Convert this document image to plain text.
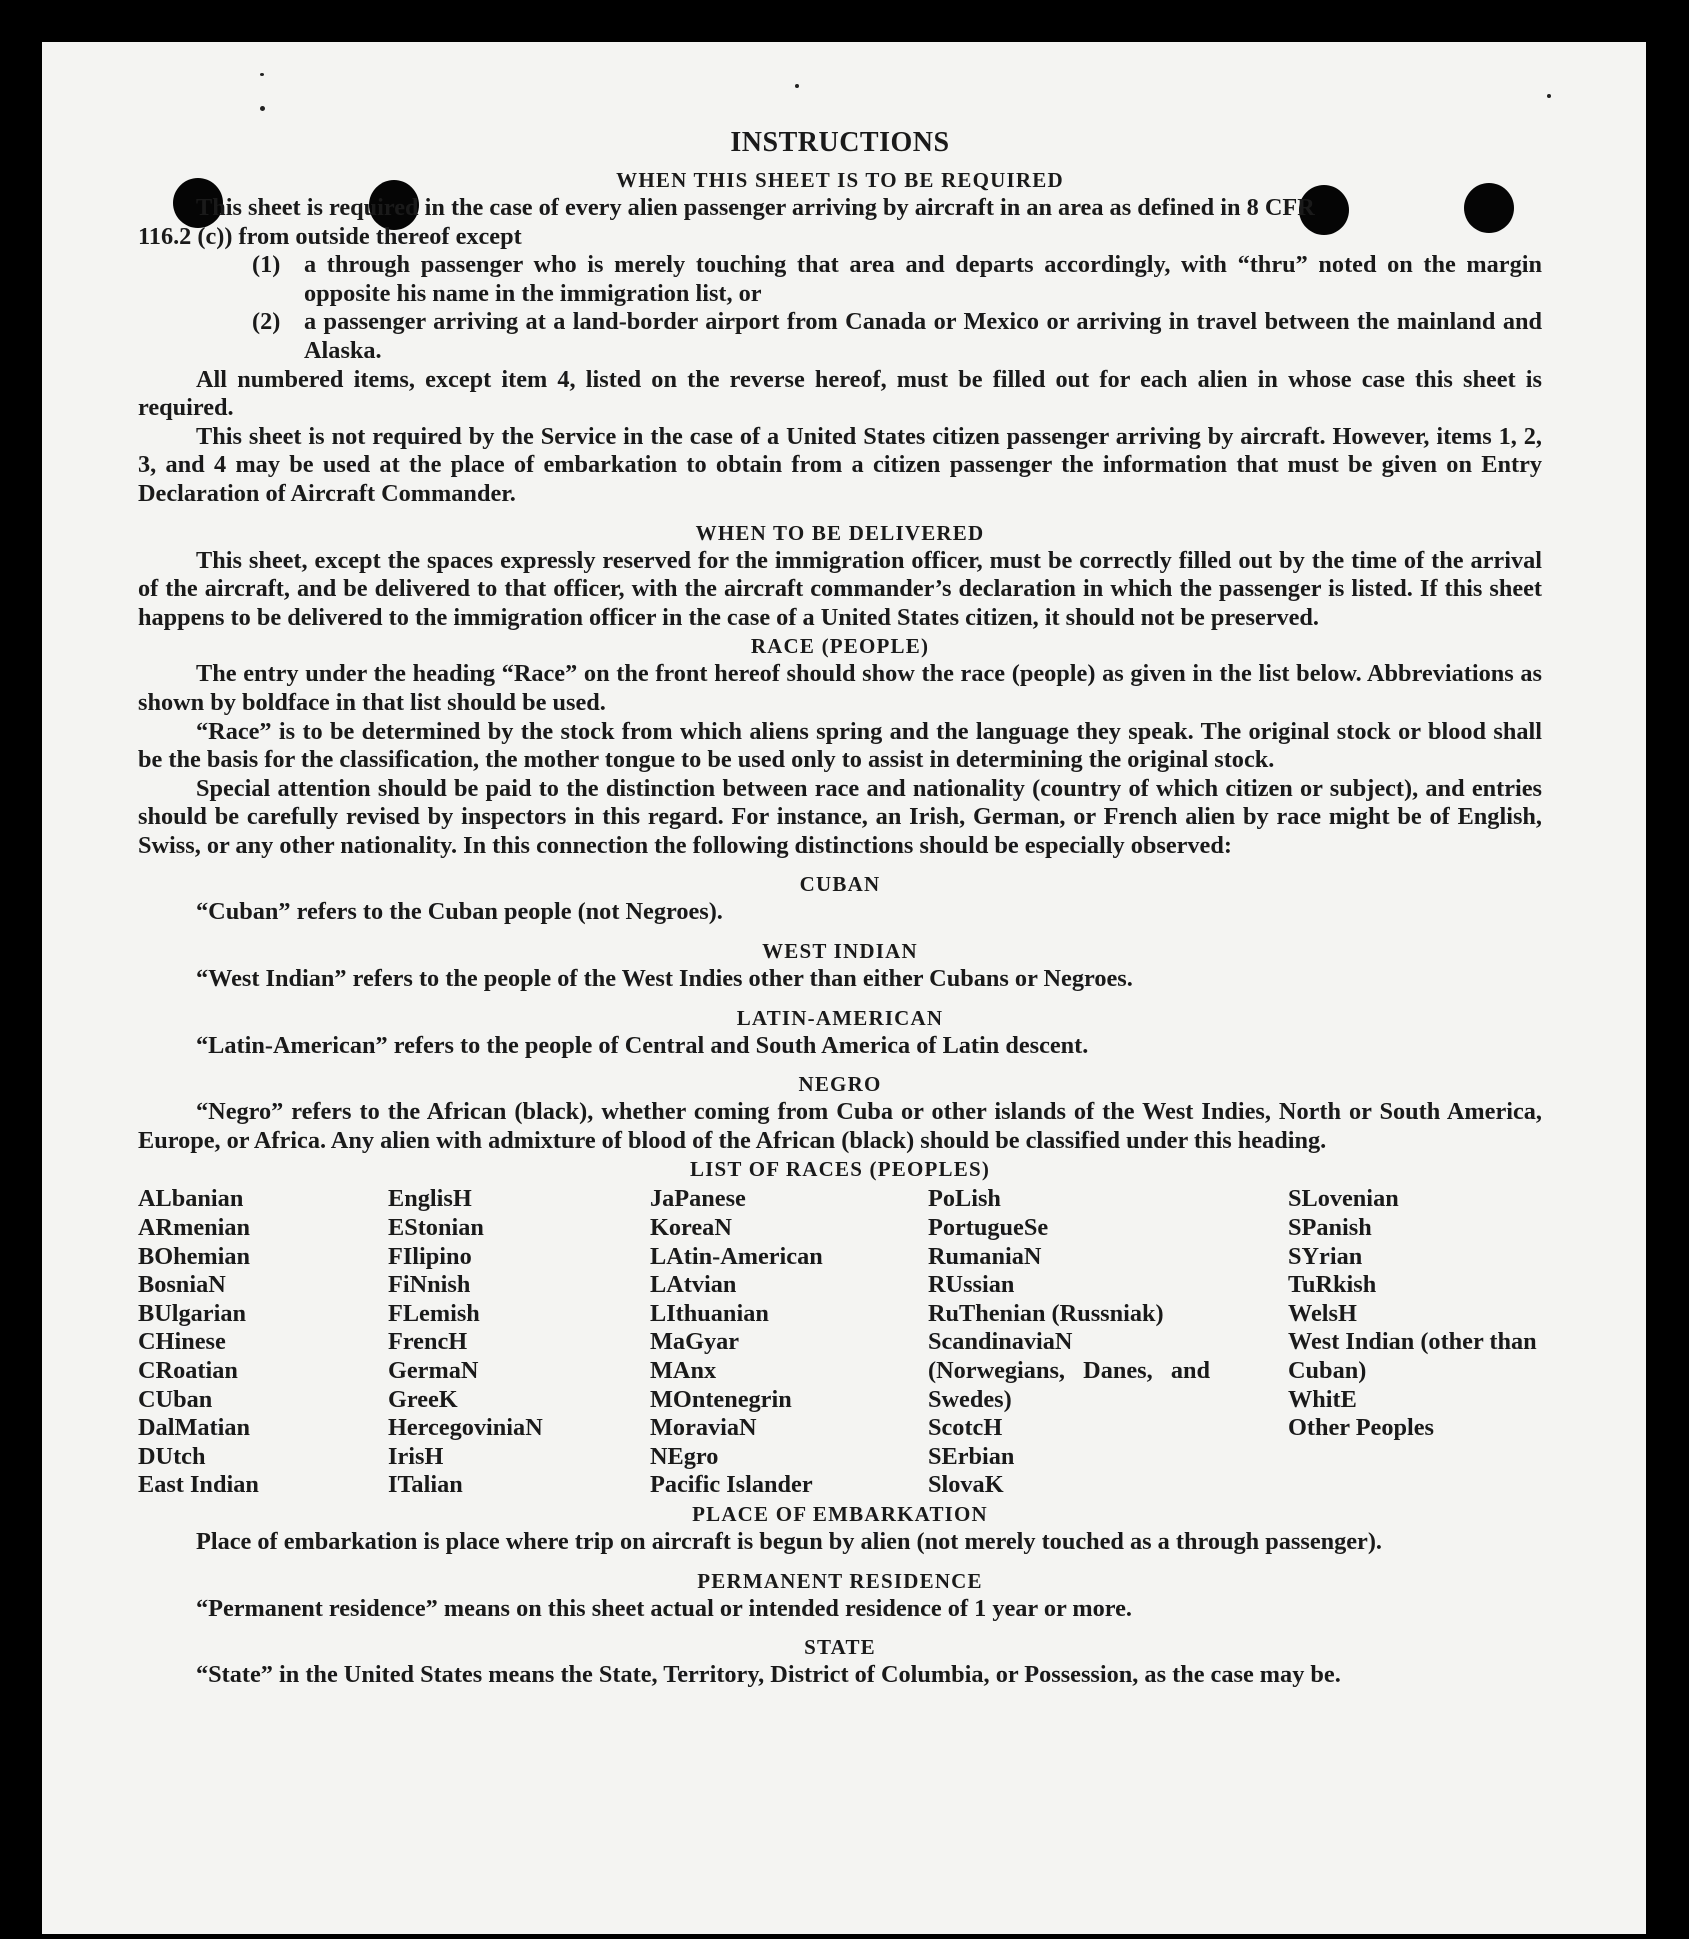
INSTRUCTIONS
WHEN THIS SHEET IS TO BE REQUIRED

This sheet is required in the case of every alien passenger arriving by aircraft in an area as defined in 8 CFR

116.2 (c)) from outside thereof except

(1) a through passenger who is merely touching that area and departs accordingly, with “thru” noted on the margin opposite his name in the immigration list, or
(2) a passenger arriving at a land-border airport from Canada or Mexico or arriving in travel between the mainland and Alaska.

All numbered items, except item 4, listed on the reverse hereof, must be filled out for each alien in whose case this sheet is required.

This sheet is not required by the Service in the case of a United States citizen passenger arriving by aircraft. However, items 1, 2, 3, and 4 may be used at the place of embarkation to obtain from a citizen passenger the information that must be given on Entry Declaration of Aircraft Commander.

WHEN TO BE DELIVERED

This sheet, except the spaces expressly reserved for the immigration officer, must be correctly filled out by the time of the arrival of the aircraft, and be delivered to that officer, with the aircraft commander’s declaration in which the passenger is listed. If this sheet happens to be delivered to the immigration officer in the case of a United States citizen, it should not be preserved.

RACE (PEOPLE)

The entry under the heading “Race” on the front hereof should show the race (people) as given in the list below. Abbreviations as shown by boldface in that list should be used.

“Race” is to be determined by the stock from which aliens spring and the language they speak. The original stock or blood shall be the basis for the classification, the mother tongue to be used only to assist in determining the original stock.

Special attention should be paid to the distinction between race and nationality (country of which citizen or subject), and entries should be carefully revised by inspectors in this regard. For instance, an Irish, German, or French alien by race might be of English, Swiss, or any other nationality. In this connection the following distinctions should be especially observed:

CUBAN

“Cuban” refers to the Cuban people (not Negroes).

WEST INDIAN

“West Indian” refers to the people of the West Indies other than either Cubans or Negroes.

LATIN-AMERICAN

“Latin-American” refers to the people of Central and South America of Latin descent.

NEGRO

“Negro” refers to the African (black), whether coming from Cuba or other islands of the West Indies, North or South America, Europe, or Africa. Any alien with admixture of blood of the African (black) should be classified under this heading.

LIST OF RACES (PEOPLES)
ALbanian
ARmenian
BOhemian
BosniaN
BUlgarian
CHinese
CRoatian
CUban
DalMatian
DUtch
East Indian
EnglisH
EStonian
FIlipino
FiNnish
FLemish
FrencH
GermaN
GreeK
HercegoviniaN
IrisH
ITalian
JaPanese
KoreaN
LAtin-American
LAtvian
LIthuanian
MaGyar
MAnx
MOntenegrin
MoraviaN
NEgro
Pacific Islander
PoLish
PortugueSe
RumaniaN
RUssian
RuThenian (Russniak)
ScandinaviaN (Norwegians, Danes, and Swedes)
ScotcH
SErbian
SlovaK
SLovenian
SPanish
SYrian
TuRkish
WelsH
West Indian (other than Cuban)
WhitE
Other Peoples
PLACE OF EMBARKATION

Place of embarkation is place where trip on aircraft is begun by alien (not merely touched as a through passenger).

PERMANENT RESIDENCE

“Permanent residence” means on this sheet actual or intended residence of 1 year or more.

STATE

“State” in the United States means the State, Territory, District of Columbia, or Possession, as the case may be.
